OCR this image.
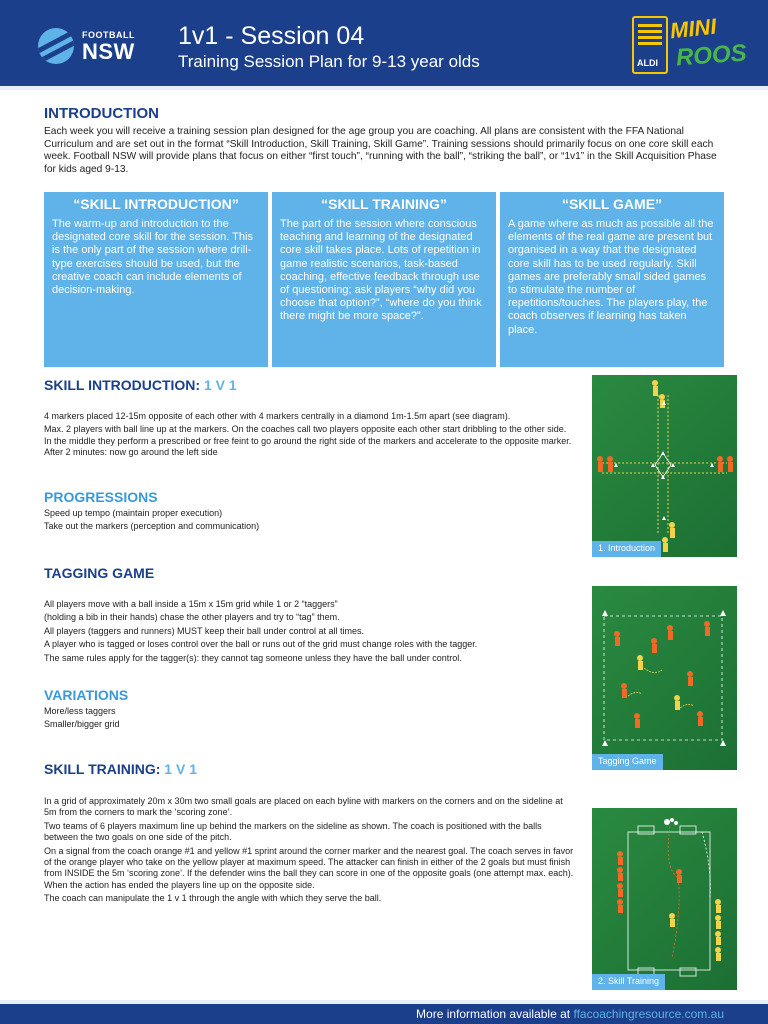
FOOTBALL
NSW
1v1 - Session 04
Training Session Plan for 9-13 year olds	ALDI
MINI
ROOS
INTRODUCTION
Each week you will receive a training session plan designed for the age group you are coaching. All plans are consistent with the FFA National Curriculum and are set out in the format “Skill Introduction, Skill Training, Skill Game”. Training sessions should primarily focus on one core skill each week. Football NSW will provide plans that focus on either “first touch”, “running with the ball”, “striking the ball”, or “1v1” in the Skill Acquisition Phase for kids aged 9-13.
“SKILL INTRODUCTION”
The warm-up and introduction to the designated core skill for the session. This is the only part of the session where drill-type exercises should be used, but the creative coach can include elements of decision-making.
“SKILL TRAINING”
The part of the session where conscious teaching and learning of the designated core skill takes place. Lots of repetition in game realistic scenarios, task-based coaching, effective feedback through use of questioning; ask players “why did you choose that option?”, “where do you think there might be more space?”.
“SKILL GAME”
A game where as much as possible all the elements of the real game are present but organised in a way that the designated core skill has to be used regularly. Skill games are preferably small sided games to stimulate the number of repetitions/touches. The players play, the coach observes if learning has taken place.
SKILL INTRODUCTION: 1 V 1
4 markers placed 12-15m opposite of each other with 4 markers centrally in a diamond 1m-1.5m apart (see diagram).
Max. 2 players with ball line up at the markers. On the coaches call two players opposite each other start dribbling to the other side. In the middle they perform a prescribed or free feint to go around the right side of the markers and accelerate to the opposite marker. After 2 minutes: now go around the left side
PROGRESSIONS
Speed up tempo (maintain proper execution)
Take out the markers (perception and communication)
1. Introduction
TAGGING GAME
All players move with a ball inside a 15m x 15m grid while 1 or 2 “taggers”
(holding a bib in their hands) chase the other players and try to “tag” them.
All players (taggers and runners) MUST keep their ball under control at all times.
A player who is tagged or loses control over the ball or runs out of the grid must change roles with the tagger.
The same rules apply for the tagger(s): they cannot tag someone unless they have the ball under control.
VARIATIONS
More/less taggers
Smaller/bigger grid
Tagging Game
SKILL TRAINING: 1 V 1
In a grid of approximately 20m x 30m two small goals are placed on each byline with markers on the corners and on the sideline at 5m from the corners to mark the ‘scoring zone’.
Two teams of 6 players maximum line up behind the markers on the sideline as shown. The coach is positioned with the balls between the two goals on one side of the pitch.
On a signal from the coach orange #1 and yellow #1 sprint around the corner marker and the nearest goal. The coach serves in favor of the orange player who take on the yellow player at maximum speed. The attacker can finish in either of the 2 goals but must finish from INSIDE the 5m ‘scoring zone’. If the defender wins the ball they can score in one of the opposite goals (one attempt max. each). When the action has ended the players line up on the opposite side.
The coach can manipulate the 1 v 1 through the angle with which they serve the ball.
2. Skill Training
More information available at ffacoachingresource.com.au
